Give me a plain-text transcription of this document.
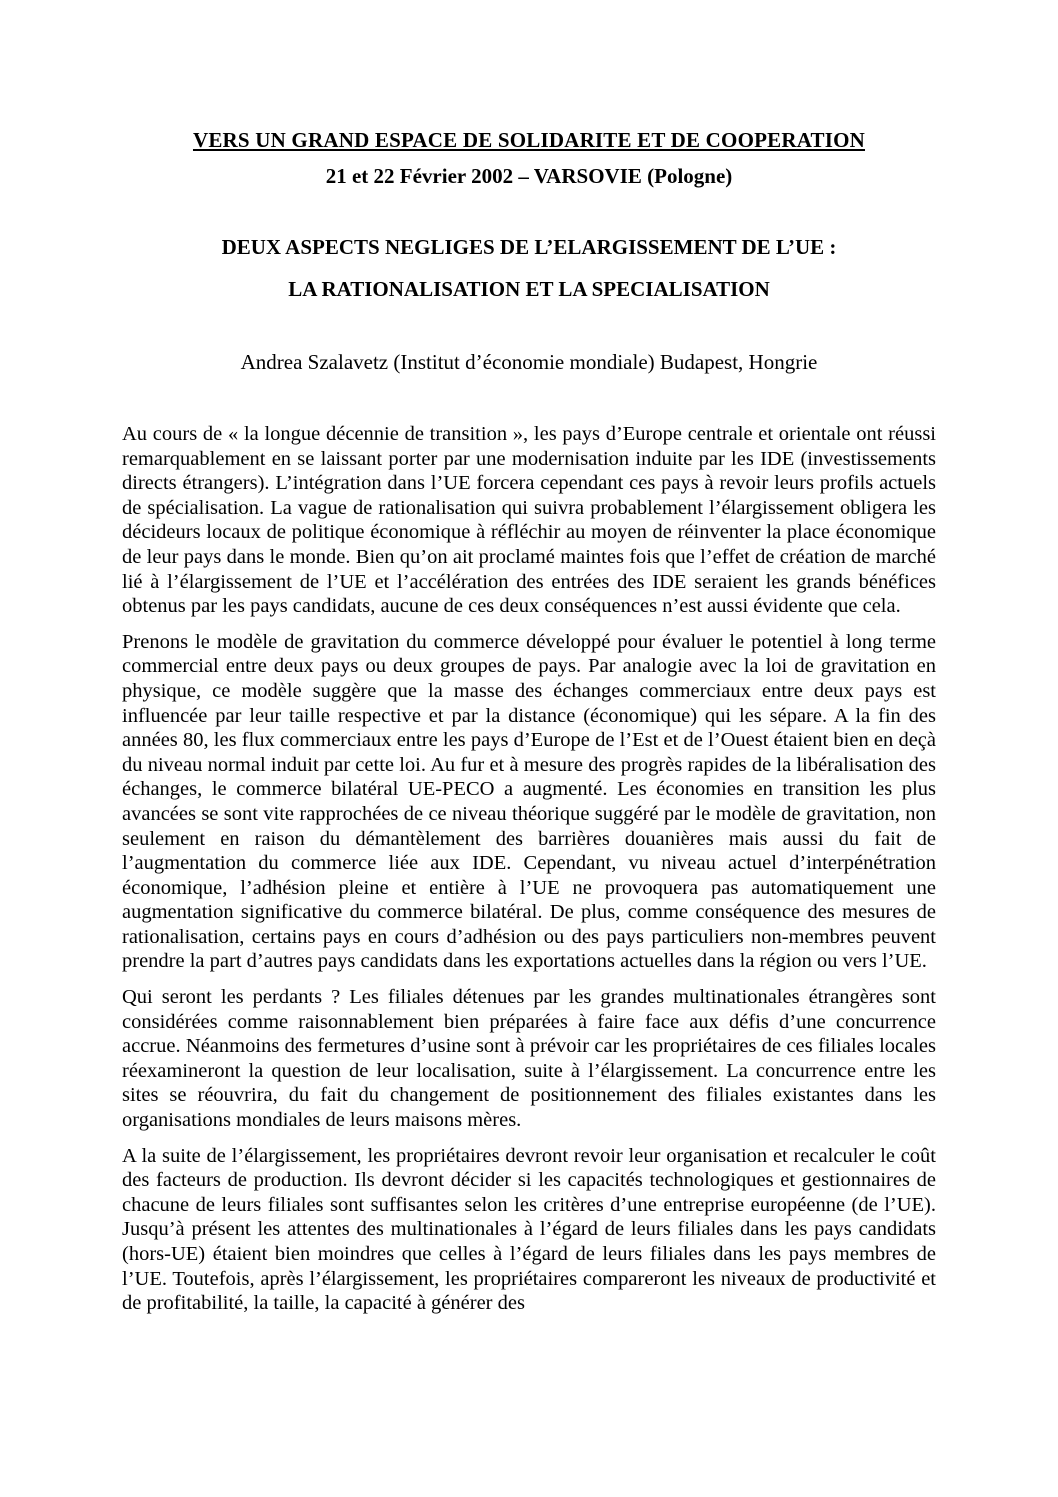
VERS UN GRAND ESPACE DE SOLIDARITE ET DE COOPERATION

21 et 22 Février 2002 – VARSOVIE (Pologne)

DEUX ASPECTS NEGLIGES DE L’ELARGISSEMENT DE L’UE :
LA RATIONALISATION ET LA SPECIALISATION

Andrea Szalavetz (Institut d’économie mondiale) Budapest, Hongrie

Au cours de « la longue décennie de transition », les pays d’Europe centrale et orientale ont réussi remarquablement en se laissant porter par une modernisation induite par les IDE (investissements directs étrangers). L’intégration dans l’UE forcera cependant ces pays à revoir leurs profils actuels de spécialisation. La vague de rationalisation qui suivra probablement l’élargissement obligera les décideurs locaux de politique économique à réfléchir au moyen de réinventer la place économique de leur pays dans le monde. Bien qu’on ait proclamé maintes fois que l’effet de création de marché lié à l’élargissement de l’UE et l’accélération des entrées des IDE seraient les grands bénéfices obtenus par les pays candidats, aucune de ces deux conséquences n’est aussi évidente que cela.

Prenons le modèle de gravitation du commerce développé pour évaluer le potentiel à long terme commercial entre deux pays ou deux groupes de pays. Par analogie avec la loi de gravitation en physique, ce modèle suggère que la masse des échanges commerciaux entre deux pays est influencée par leur taille respective et par la distance (économique) qui les sépare. A la fin des années 80, les flux commerciaux entre les pays d’Europe de l’Est et de l’Ouest étaient bien en deçà du niveau normal induit par cette loi. Au fur et à mesure des progrès rapides de la libéralisation des échanges, le commerce bilatéral UE-PECO a augmenté. Les économies en transition les plus avancées se sont vite rapprochées de ce niveau théorique suggéré par le modèle de gravitation, non seulement en raison du démantèlement des barrières douanières mais aussi du fait de l’augmentation du commerce liée aux IDE. Cependant, vu niveau actuel d’interpénétration économique, l’adhésion pleine et entière à l’UE ne provoquera pas automatiquement une augmentation significative du commerce bilatéral. De plus, comme conséquence des mesures de rationalisation, certains pays en cours d’adhésion ou des pays particuliers non-membres peuvent prendre la part d’autres pays candidats dans les exportations actuelles dans la région ou vers l’UE.

Qui seront les perdants ? Les filiales détenues par les grandes multinationales étrangères sont considérées comme raisonnablement bien préparées à faire face aux défis d’une concurrence accrue. Néanmoins des fermetures d’usine sont à prévoir car les propriétaires de ces filiales locales réexamineront la question de leur localisation, suite à l’élargissement. La concurrence entre les sites se réouvrira, du fait du changement de positionnement des filiales existantes dans les organisations mondiales de leurs maisons mères.

A la suite de l’élargissement, les propriétaires devront revoir leur organisation et recalculer le coût des facteurs de production. Ils devront décider si les capacités technologiques et gestionnaires de chacune de leurs filiales sont suffisantes selon les critères d’une entreprise européenne (de l’UE). Jusqu’à présent les attentes des multinationales à l’égard de leurs filiales dans les pays candidats (hors-UE) étaient bien moindres que celles à l’égard de leurs filiales dans les pays membres de l’UE. Toutefois, après l’élargissement, les propriétaires compareront les niveaux de productivité et de profitabilité, la taille, la capacité à générer des
